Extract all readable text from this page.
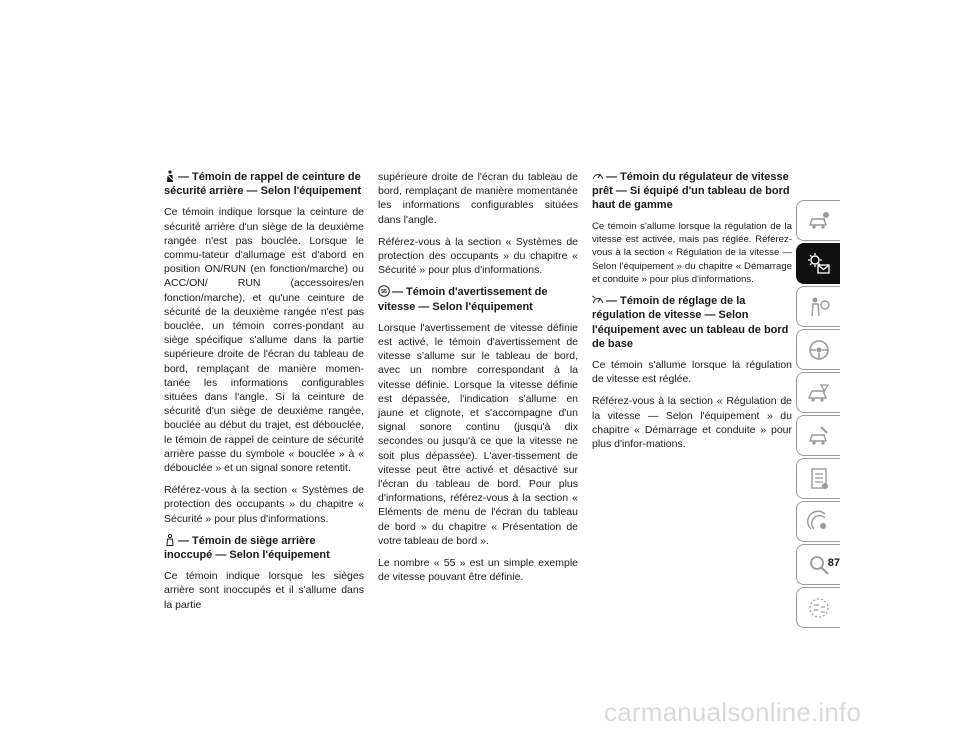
— Témoin de rappel de ceinture de sécurité arrière — Selon l'équipement
Ce témoin indique lorsque la ceinture de sécurité arrière d'un siège de la deuxième rangée n'est pas bouclée. Lorsque le commu-tateur d'allumage est d'abord en position ON/RUN (en fonction/marche) ou ACC/ON/ RUN (accessoires/en fonction/marche), et qu'une ceinture de sécurité de la deuxième rangée n'est pas bouclée, un témoin corres-pondant au siège spécifique s'allume dans la partie supérieure droite de l'écran du tableau de bord, remplaçant de manière momen-tanée les informations configurables situées dans l'angle. Si la ceinture de sécurité d'un siège de deuxième rangée, bouclée au début du trajet, est débouclée, le témoin de rappel de ceinture de sécurité arrière passe du symbole « bouclée » à « débouclée » et un signal sonore retentit.
Référez-vous à la section « Systèmes de protection des occupants » du chapitre « Sécurité » pour plus d'informations.
— Témoin de siège arrière inoccupé — Selon l'équipement
Ce témoin indique lorsque les sièges arrière sont inoccupés et il s'allume dans la partie
supérieure droite de l'écran du tableau de bord, remplaçant de manière momentanée les informations configurables situées dans l'angle.
Référez-vous à la section « Systèmes de protection des occupants » du chapitre « Sécurité » pour plus d'informations.
55 — Témoin d'avertissement de vitesse — Selon l'équipement
Lorsque l'avertissement de vitesse définie est activé, le témoin d'avertissement de vitesse s'allume sur le tableau de bord, avec un nombre correspondant à la vitesse définie. Lorsque la vitesse définie est dépassée, l'indication s'allume en jaune et clignote, et s'accompagne d'un signal sonore continu (jusqu'à dix secondes ou jusqu'à ce que la vitesse ne soit plus dépassée). L'aver-tissement de vitesse peut être activé et désactivé sur l'écran du tableau de bord. Pour plus d'informations, référez-vous à la section « Eléments de menu de l'écran du tableau de bord » du chapitre « Présentation de votre tableau de bord ».
Le nombre « 55 » est un simple exemple de vitesse pouvant être définie.
— Témoin du régulateur de vitesse prêt — Si équipé d'un tableau de bord haut de gamme
Ce témoin s'allume lorsque la régulation de la vitesse est activée, mais pas réglée. Référez-vous à la section « Régulation de la vitesse — Selon l'équipement » du chapitre « Démarrage et conduite » pour plus d'informations.
— Témoin de réglage de la régulation de vitesse — Selon l'équipement avec un tableau de bord de base
Ce témoin s'allume lorsque la régulation de vitesse est réglée.
Référez-vous à la section « Régulation de la vitesse — Selon l'équipement » du chapitre « Démarrage et conduite » pour plus d'infor-mations.
87
carmanualsonline.info
